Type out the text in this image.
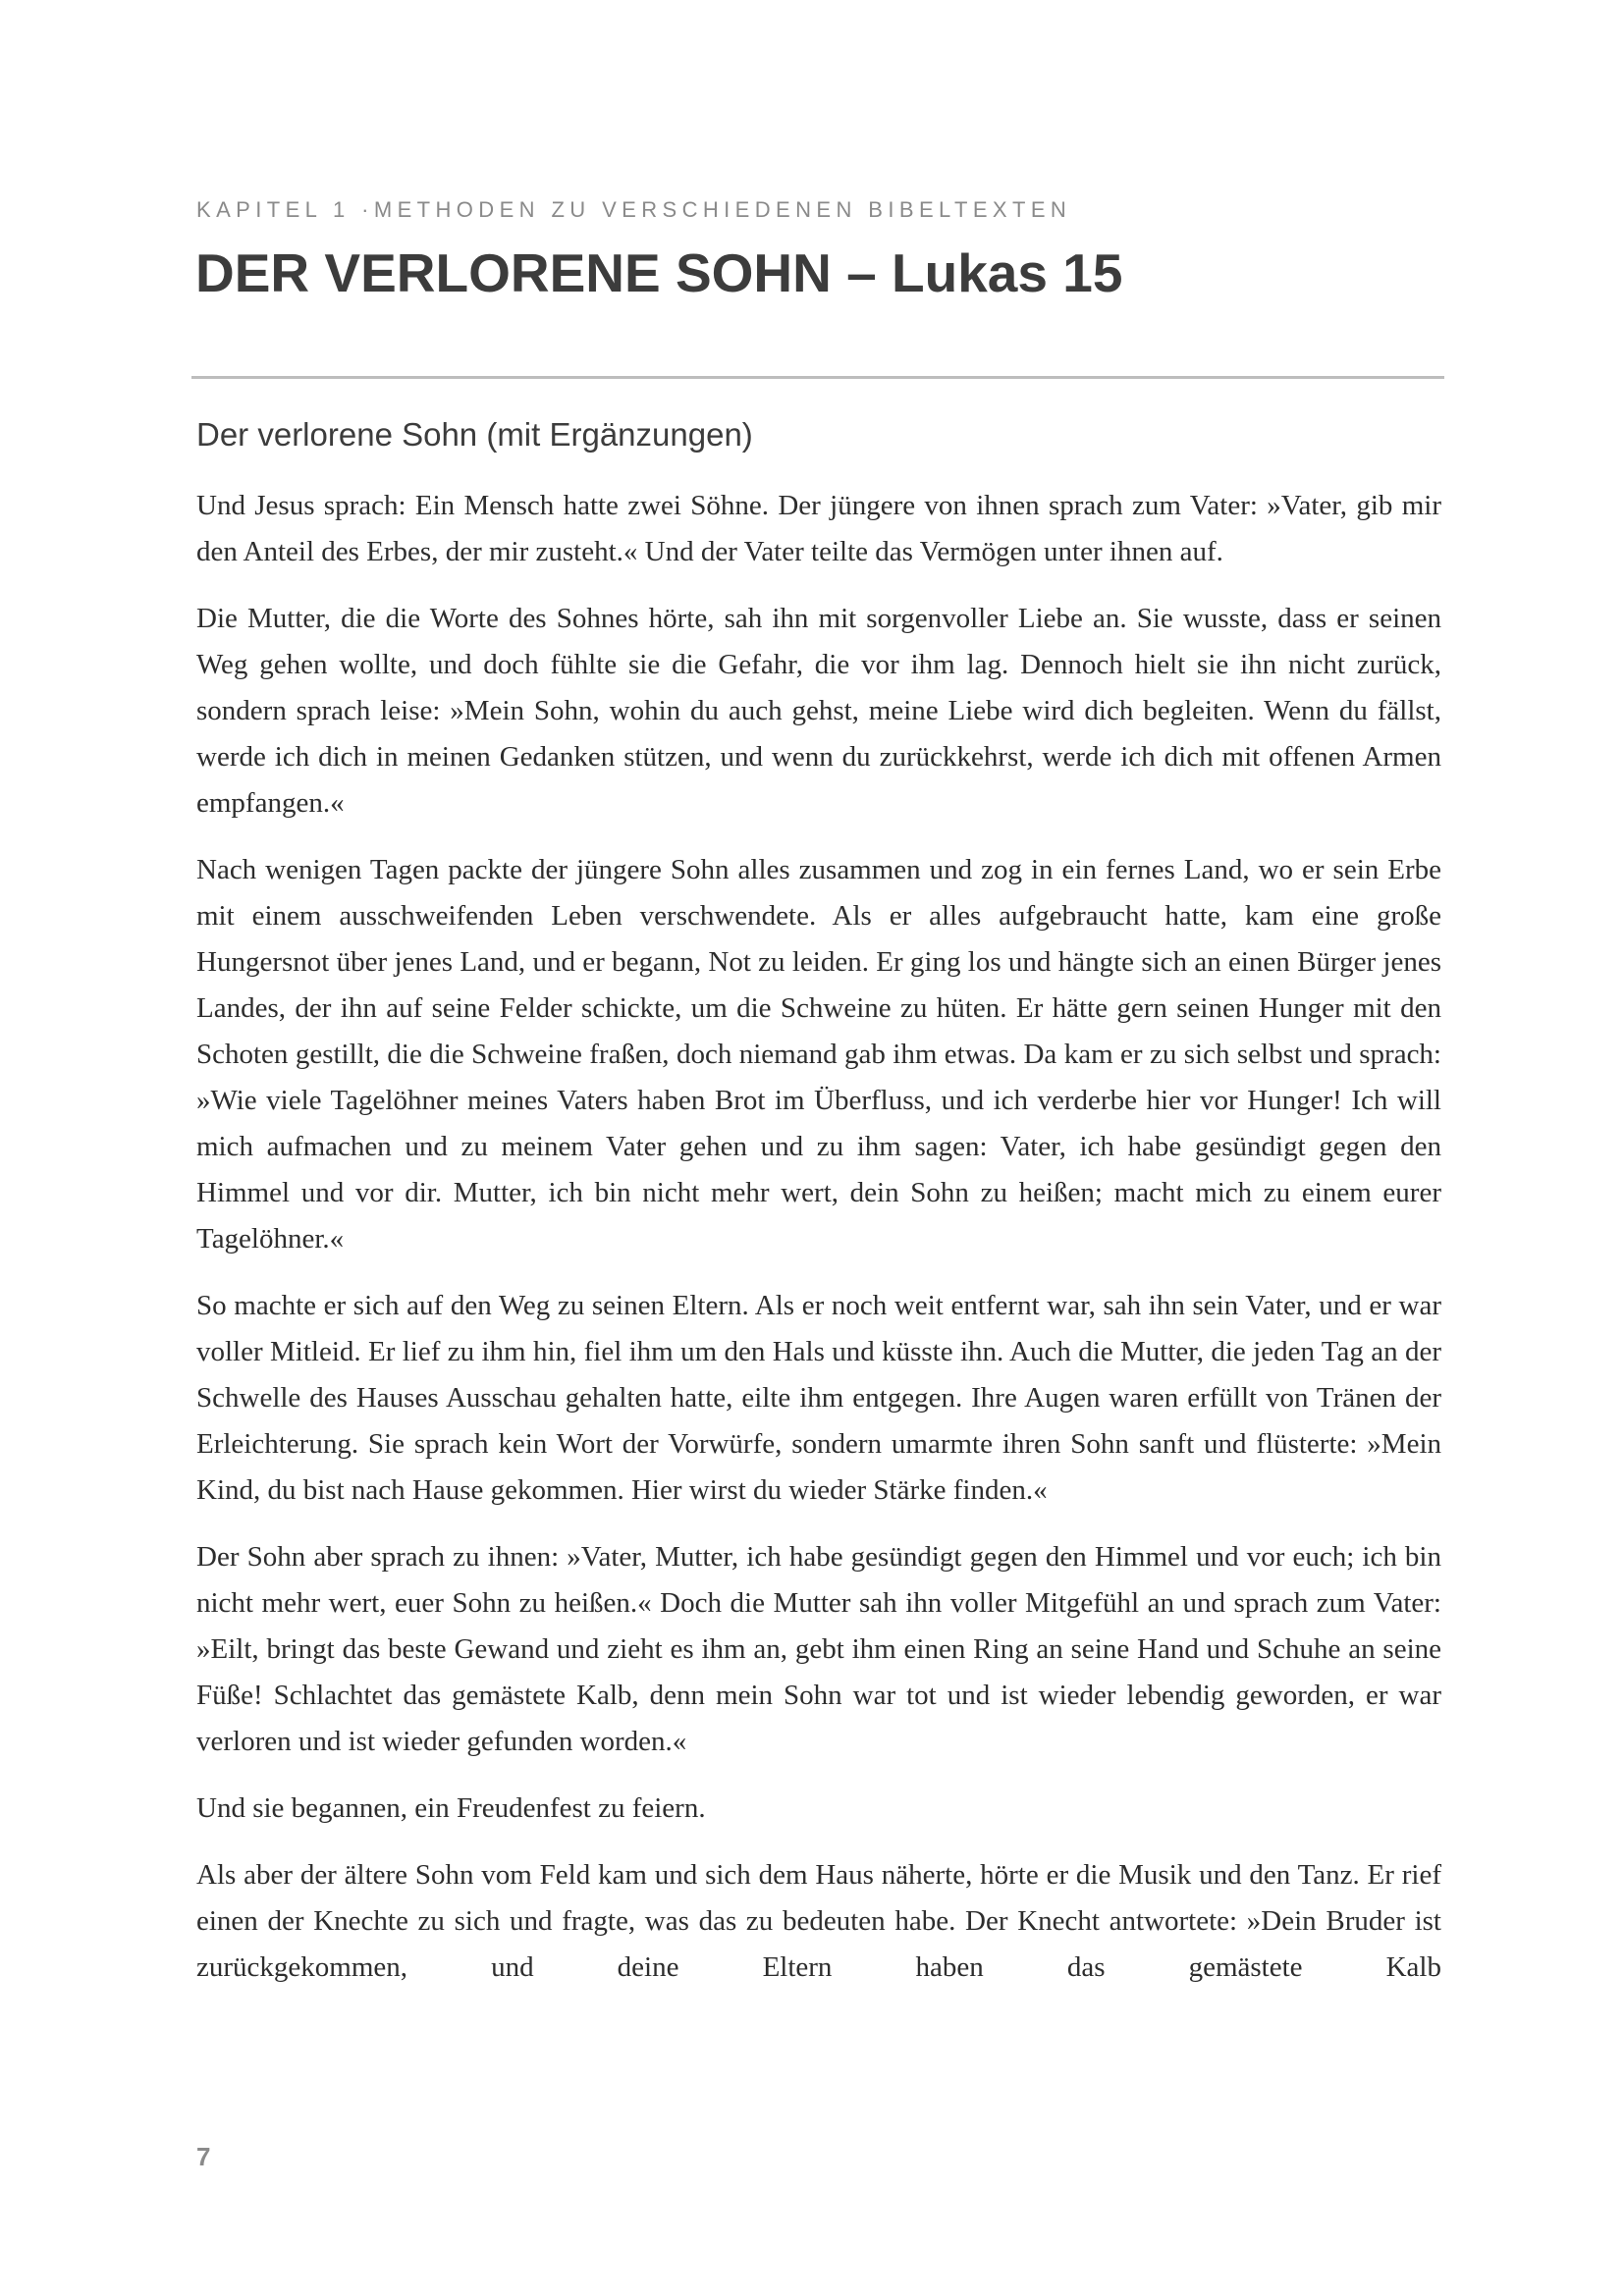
KAPITEL 1 ·METHODEN ZU VERSCHIEDENEN BIBELTEXTEN
DER VERLORENE SOHN – Lukas 15
Der verlorene Sohn (mit Ergänzungen)

Und Jesus sprach: Ein Mensch hatte zwei Söhne. Der jüngere von ihnen sprach zum Vater: »Vater, gib mir den Anteil des Erbes, der mir zusteht.« Und der Vater teilte das Vermögen unter ihnen auf.

Die Mutter, die die Worte des Sohnes hörte, sah ihn mit sorgenvoller Liebe an. Sie wusste, dass er seinen Weg gehen wollte, und doch fühlte sie die Gefahr, die vor ihm lag. Dennoch hielt sie ihn nicht zurück, sondern sprach leise: »Mein Sohn, wohin du auch gehst, meine Liebe wird dich begleiten. Wenn du fällst, werde ich dich in meinen Gedanken stützen, und wenn du zurückkehrst, werde ich dich mit offenen Armen empfangen.«

Nach wenigen Tagen packte der jüngere Sohn alles zusammen und zog in ein fernes Land, wo er sein Erbe mit einem ausschweifenden Leben verschwendete. Als er alles aufgebraucht hatte, kam eine große Hungersnot über jenes Land, und er begann, Not zu leiden. Er ging los und hängte sich an einen Bürger jenes Landes, der ihn auf seine Felder schickte, um die Schweine zu hüten. Er hätte gern seinen Hunger mit den Schoten gestillt, die die Schweine fraßen, doch niemand gab ihm etwas. Da kam er zu sich selbst und sprach: »Wie viele Tagelöhner meines Vaters haben Brot im Überfluss, und ich verderbe hier vor Hunger! Ich will mich aufmachen und zu meinem Vater gehen und zu ihm sagen: Vater, ich habe gesündigt gegen den Himmel und vor dir. Mutter, ich bin nicht mehr wert, dein Sohn zu heißen; macht mich zu einem eurer Tagelöhner.«

So machte er sich auf den Weg zu seinen Eltern. Als er noch weit entfernt war, sah ihn sein Vater, und er war voller Mitleid. Er lief zu ihm hin, fiel ihm um den Hals und küsste ihn. Auch die Mutter, die jeden Tag an der Schwelle des Hauses Ausschau gehalten hatte, eilte ihm entgegen. Ihre Augen waren erfüllt von Tränen der Erleichterung. Sie sprach kein Wort der Vorwürfe, sondern umarmte ihren Sohn sanft und flüsterte: »Mein Kind, du bist nach Hause gekommen. Hier wirst du wieder Stärke finden.«

Der Sohn aber sprach zu ihnen: »Vater, Mutter, ich habe gesündigt gegen den Himmel und vor euch; ich bin nicht mehr wert, euer Sohn zu heißen.« Doch die Mutter sah ihn voller Mitgefühl an und sprach zum Vater: »Eilt, bringt das beste Gewand und zieht es ihm an, gebt ihm einen Ring an seine Hand und Schuhe an seine Füße! Schlachtet das gemästete Kalb, denn mein Sohn war tot und ist wieder lebendig geworden, er war verloren und ist wieder gefunden worden.«

Und sie begannen, ein Freudenfest zu feiern.

Als aber der ältere Sohn vom Feld kam und sich dem Haus näherte, hörte er die Musik und den Tanz. Er rief einen der Knechte zu sich und fragte, was das zu bedeuten habe. Der Knecht antwortete: »Dein Bruder ist zurückgekommen, und deine Eltern haben das gemästete Kalb

7
